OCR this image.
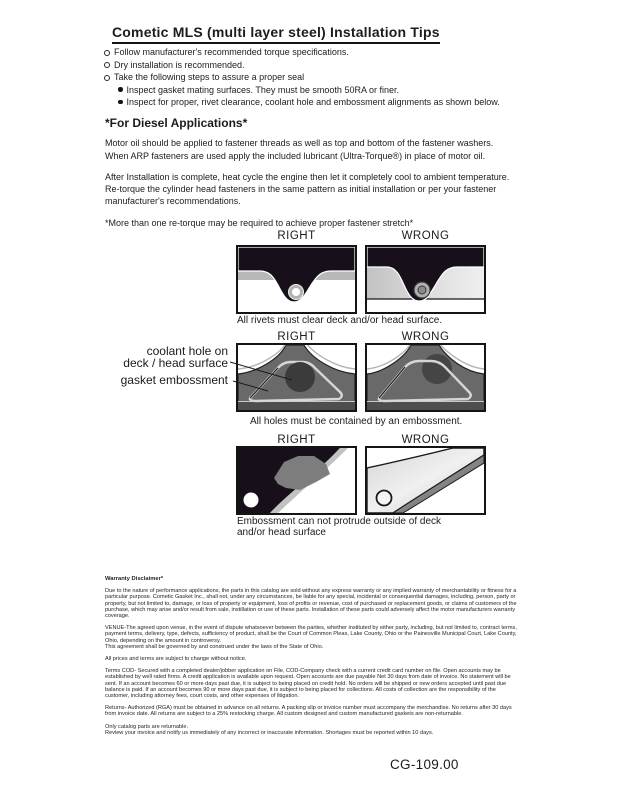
Cometic MLS (multi layer steel) Installation Tips
Follow manufacturer's recommended torque specifications.
Dry installation is recommended.
Take the following steps to assure a proper seal
Inspect gasket mating surfaces. They must be smooth 50RA or finer.
Inspect for proper, rivet clearance, coolant hole and embossment alignments as shown below.
*For Diesel Applications*

Motor oil should be applied to fastener threads as well as top and bottom of the fastener washers. When ARP fasteners are used apply the included lubricant (Ultra-Torque®) in place of motor oil.

After Installation is complete, heat cycle the engine then let it completely cool to ambient temperature. Re-torque the cylinder head fasteners in the same pattern as initial installation or per your fastener manufacturer's recommendations.

*More than one re-torque may be required to achieve proper fastener stretch*

RIGHT	WRONG
All rivets must clear deck and/or head surface.
RIGHT	WRONG
coolant hole on
deck / head surface
gasket embossment
All holes must be contained by an embossment.
RIGHT	WRONG
Embossment can not protrude outside of deck and/or head surface
Warranty Disclaimer*

Due to the nature of performance applications, the parts in this catalog are sold without any express warranty or any implied warranty of merchantability or fitness for a particular purpose. Cometic Gasket Inc., shall not, under any circumstances, be liable for any special, incidental or consequential damages, including, person, party or property, but not limited to, damage, or loss of property or equipment, loss of profits or revenue, cost of purchased or replacement goods, or claims of customers of the purchase, which may arise and/or result from sale, instillation or use of these parts. Installation of these parts could adversely affect the motor manufacturers warranty coverage.

VENUE-The agreed upon venue, in the event of dispute whatsoever between the parties, whether instituted by either party, including, but not limited to, contract terms, payment terms, delivery, type, defects, sufficiency of product, shall be the Court of Common Pleas, Lake County, Ohio or the Painesville Municipal Court, Lake County, Ohio, depending on the amount in controversy.

This agreement shall be governed by and construed under the laws of the State of Ohio.

All prices and terms are subject to change without notice.

Terms COD- Secured with a completed dealer/jobber application on File, COD-Company check with a current credit card number on file. Open accounts may be established by well rated firms. A credit application is available upon request. Open accounts are due payable Net 30 days from date of invoice. No statement will be sent. If an account becomes 60 or more days past due, it is subject to being placed on credit hold. No orders will be shipped or new orders accepted until past due balance is paid. If an account becomes 90 or more days past due, it is subject to being placed for collections. All costs of collection are the responsibility of the customer, including attorney fees, court costs, and other expenses of litigation.

Returns- Authorized (RGA) must be obtained in advance on all returns. A packing slip or invoice number must accompany the merchandise. No returns after 30 days from invoice date. All returns are subject to a 25% restocking charge. All custom designed and custom manufactured gaskets are non-returnable.

Only catalog parts are returnable.

Review your invoice and notify us immediately of any incorrect or inaccurate information. Shortages must be reported within 10 days.

CG-109.00
